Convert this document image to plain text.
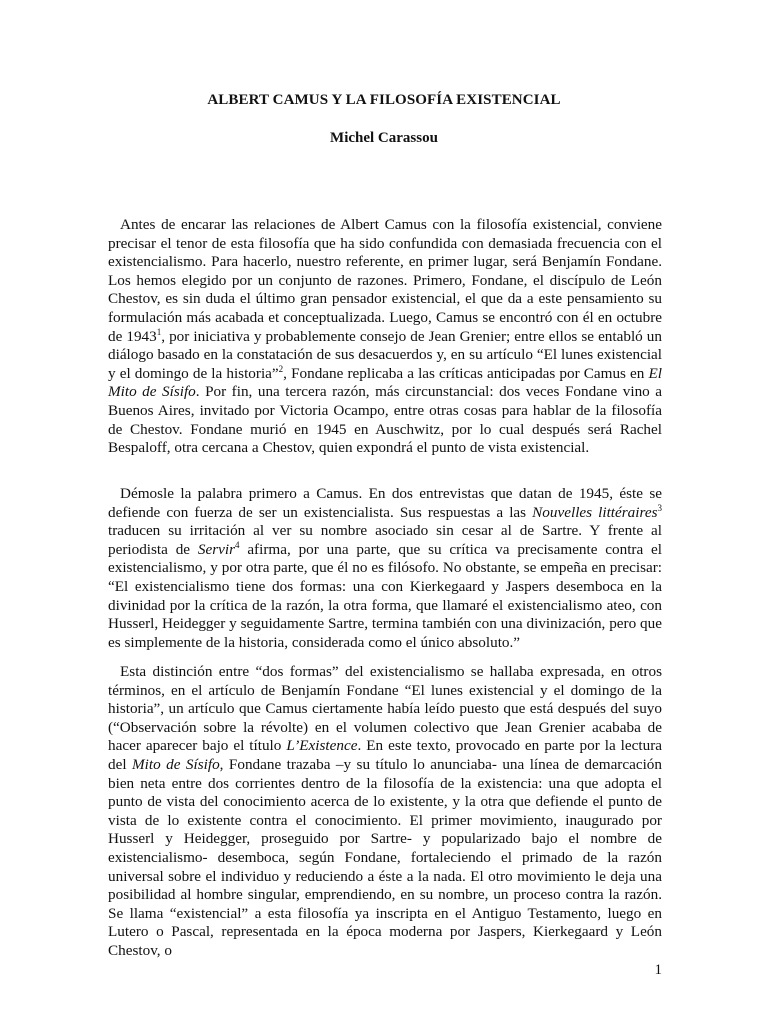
ALBERT CAMUS Y LA FILOSOFÍA EXISTENCIAL
Michel Carassou

Antes de encarar las relaciones de Albert Camus con la filosofía existencial, conviene precisar el tenor de esta filosofía que ha sido confundida con demasiada frecuencia con el existencialismo. Para hacerlo, nuestro referente, en primer lugar, será Benjamín Fondane. Los hemos elegido por un conjunto de razones. Primero, Fondane, el discípulo de León Chestov, es sin duda el último gran pensador existencial, el que da a este pensamiento su formulación más acabada et conceptualizada. Luego, Camus se encontró con él en octubre de 1943$^1$, por iniciativa y probablemente consejo de Jean Grenier; entre ellos se entabló un diálogo basado en la constatación de sus desacuerdos y, en su artículo “El lunes existencial y el domingo de la historia”$^2$, Fondane replicaba a las críticas anticipadas por Camus en El Mito de Sísifo. Por fin, una tercera razón, más circunstancial: dos veces Fondane vino a Buenos Aires, invitado por Victoria Ocampo, entre otras cosas para hablar de la filosofía de Chestov. Fondane murió en 1945 en Auschwitz, por lo cual después será Rachel Bespaloff, otra cercana a Chestov, quien expondrá el punto de vista existencial.

Démosle la palabra primero a Camus. En dos entrevistas que datan de 1945, éste se defiende con fuerza de ser un existencialista. Sus respuestas a las Nouvelles littéraires$^3$ traducen su irritación al ver su nombre asociado sin cesar al de Sartre. Y frente al periodista de Servir$^4$ afirma, por una parte, que su crítica va precisamente contra el existencialismo, y por otra parte, que él no es filósofo. No obstante, se empeña en precisar: “El existencialismo tiene dos formas: una con Kierkegaard y Jaspers desemboca en la divinidad por la crítica de la razón, la otra forma, que llamaré el existencialismo ateo, con Husserl, Heidegger y seguidamente Sartre, termina también con una divinización, pero que es simplemente de la historia, considerada como el único absoluto.”

Esta distinción entre “dos formas” del existencialismo se hallaba expresada, en otros términos, en el artículo de Benjamín Fondane “El lunes existencial y el domingo de la historia”, un artículo que Camus ciertamente había leído puesto que está después del suyo (“Observación sobre la révolte) en el volumen colectivo que Jean Grenier acababa de hacer aparecer bajo el título L’Existence. En este texto, provocado en parte por la lectura del Mito de Sísifo, Fondane trazaba –y su título lo anunciaba- una línea de demarcación bien neta entre dos corrientes dentro de la filosofía de la existencia: una que adopta el punto de vista del conocimiento acerca de lo existente, y la otra que defiende el punto de vista de lo existente contra el conocimiento. El primer movimiento, inaugurado por Husserl y Heidegger, proseguido por Sartre- y popularizado bajo el nombre de existencialismo- desemboca, según Fondane, fortaleciendo el primado de la razón universal sobre el individuo y reduciendo a éste a la nada. El otro movimiento le deja una posibilidad al hombre singular, emprendiendo, en su nombre, un proceso contra la razón. Se llama “existencial” a esta filosofía ya inscripta en el Antiguo Testamento, luego en Lutero o Pascal, representada en la época moderna por Jaspers, Kierkegaard y León Chestov, o

1
